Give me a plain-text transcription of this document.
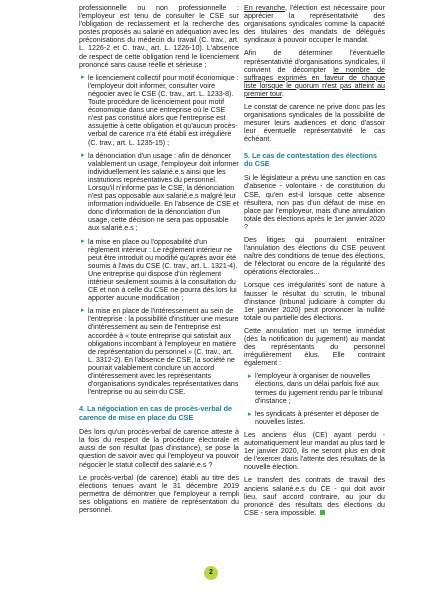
professionnelle ou non professionnelle : l'employeur est tenu de consulter le CSE sur l'obligation de reclassement et la recherche des postes proposés au salarié en adéquation avec les préconisations du médecin du travail (C. trav., art. L. 1226-2 et C. trav., art. L. 1226-10). L'absence de respect de cette obligation rend le licenciement prononcé sans cause réelle et sérieuse ;

▸ le licenciement collectif pour motif économique : l'employeur doit informer, consulter voire négocier avec le CSE (C. trav., art. L. 1233-8). Toute procédure de licenciement pour motif économique dans une entreprise où le CSE n'est pas constitué alors que l'entreprise est assujettie à cette obligation et qu'aucun procès-verbal de carence n'a été établi est irrégulière (C. trav., art. L. 1235-15) ;
▸ la dénonciation d'un usage : afin de dénoncer valablement un usage, l'employeur doit informer individuellement les salarié.e.s ainsi que les institutions représentatives du personnel. Lorsqu'il n'informe pas le CSE, la dénonciation n'est pas opposable aux salarié.e.s malgré leur information individuelle. En l'absence de CSE et donc d'information de la dénonciation d'un usage, cette décision ne sera pas opposable aux salarié.e.s ;
▸ la mise en place ou l'opposabilité d'un règlement intérieur : Le règlement intérieur ne peut être introduit ou modifié qu'après avoir été soumis à l'avis du CSE (C. trav., art. L. 1321-4). Une entreprise qui dispose d'un règlement intérieur seulement soumis à la consultation du CE et non à celle du CSE ne pourra dès lors lui apporter aucune modification ;
▸ la mise en place de l'intéressement au sein de l'entreprise : la possibilité d'instituer une mesure d'intéressement au sein de l'entreprise est accordée à « toute entreprise qui satisfait aux obligations incombant à l'employeur en matière de représentation du personnel » (C. trav., art. L. 3312-2). En l'absence de CSE, la société ne pourrait valablement conclure un accord d'intéressement avec les représentants d'organisations syndicales représentatives dans l'entreprise ou au sein du CSE.
4. La négociation en cas de procès-verbal de carence de mise en place du CSE

Dès lors qu'un procès-verbal de carence atteste à la fois du respect de la procédure électorale et aussi de son résultat (pas d'instance), se pose la question de savoir avec qui l'employeur va pouvoir négocier le statut collectif des salarié.e.s ?

Le procès-verbal (de carence) établi au titre des élections tenues avant le 31 décembre 2019 permettra de démontrer que l'employeur a rempli ses obligations en matière de représentation du personnel.

En revanche, l'élection est nécessaire pour apprécier la représentativité des organisations syndicales comme la capacité des titulaires des mandats de délégués syndicaux à pouvoir occuper le mandat.

Afin de déterminer l'éventuelle représentativité d'organisations syndicales, il convient de décompter le nombre de suffrages exprimés en faveur de chaque liste lorsque le quorum n'est pas atteint au premier tour.

Le constat de carence ne prive donc pas les organisations syndicales de la possibilité de mesurer leurs audiences et donc d'assoir leur éventuelle représentativité le cas échéant.

5. Le cas de contestation des élections du CSE

Si le législateur a prévu une sanction en cas d'absence - volontaire - de constitution du CSE, qu'en est-il lorsque cette absence résultera, non pas d'un défaut de mise en place par l'employeur, mais d'une annulation totale des élections après le 1er janvier 2020 ?

Des litiges qui pourraient entraîner l'annulation des élections du CSE peuvent naître des conditions de tenue des élections, de l'électorat ou encore de la régularité des opérations électorales...

Lorsque ces irrégularités sont de nature à fausser le résultat du scrutin, le tribunal d'instance (tribunal judiciaire à compter du 1er janvier 2020) peut prononcer la nullité totale ou partielle des élections.

Cette annulation met un terme immédiat (dès la notification du jugement) au mandat des représentants du personnel irrégulièrement élus. Elle contraint également :

▸ l'employeur à organiser de nouvelles élections, dans un délai parfois fixé aux termes du jugement rendu par le tribunal d'instance ;
▸ les syndicats à présenter et déposer de nouvelles listes.

Les anciens élus (CE) ayant perdu - automatiquement leur mandat au plus tard le 1er janvier 2020, ils ne seront plus en droit de l'exercer dans l'attente des résultats de la nouvelle élection.

Le transfert des contrats de travail des anciens salarié.e.s du CE - qui doit avoir lieu, sauf accord contraire, au jour du prononcé des résultats des élections du CSE - sera impossible.

2
